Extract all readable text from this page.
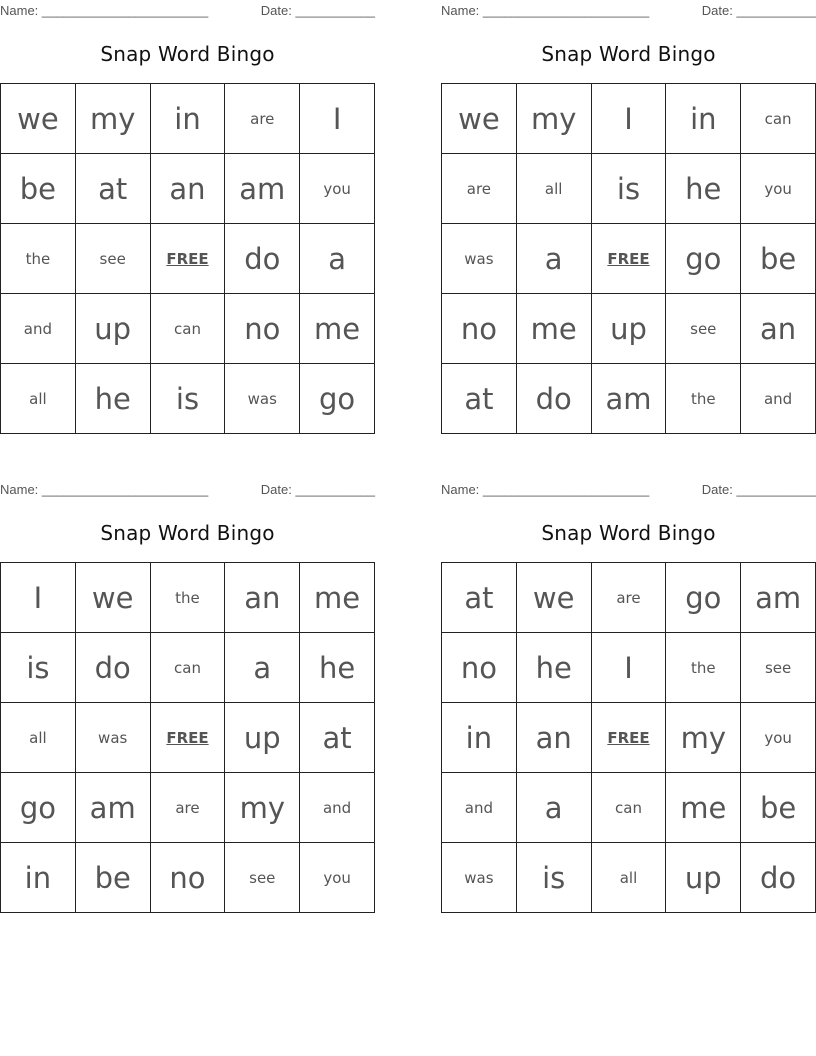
Name: _______________________	Date: ___________
Snap Word Bingo
we	my	in	are	I
be	at	an	am	you
the	see	FREE	do	a
and	up	can	no	me
all	he	is	was	go
Name: _______________________	Date: ___________
Snap Word Bingo
we	my	I	in	can
are	all	is	he	you
was	a	FREE	go	be
no	me	up	see	an
at	do	am	the	and
Name: _______________________	Date: ___________
Snap Word Bingo
I	we	the	an	me
is	do	can	a	he
all	was	FREE	up	at
go	am	are	my	and
in	be	no	see	you
Name: _______________________	Date: ___________
Snap Word Bingo
at	we	are	go	am
no	he	I	the	see
in	an	FREE	my	you
and	a	can	me	be
was	is	all	up	do
